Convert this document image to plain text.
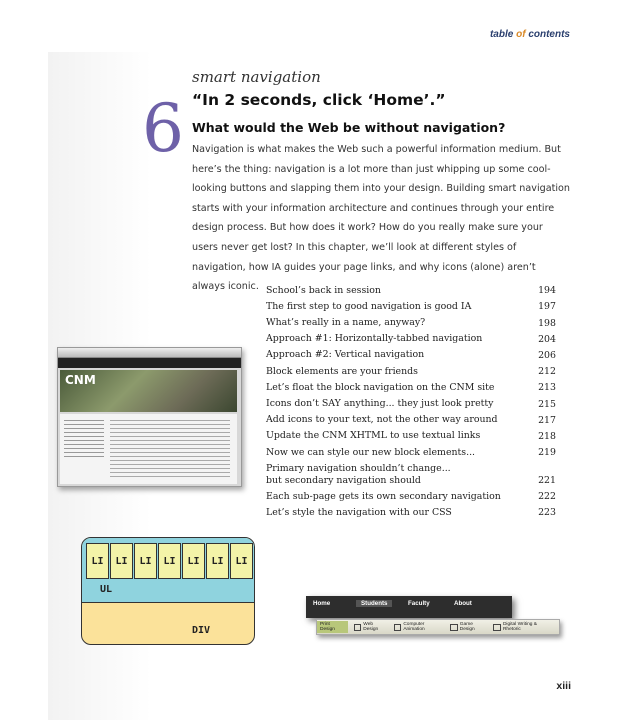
table of contents
6
smart navigation
“In 2 seconds, click ‘Home’.”
What would the Web be without navigation?
Navigation is what makes the Web such a powerful information medium. But here’s the thing: navigation is a lot more than just whipping up some cool-looking buttons and slapping them into your design. Building smart navigation starts with your information architecture and continues through your entire design process. But how does it work? How do you really make sure your users never get lost? In this chapter, we’ll look at different styles of navigation, how IA guides your page links, and why icons (alone) aren’t always iconic. School’s back in session	194
The first step to good navigation is good IA	197
What’s really in a name, anyway?	198
Approach #1: Horizontally-tabbed navigation	204
Approach #2: Vertical navigation	206
Block elements are your friends	212
Let’s float the block navigation on the CNM site	213
Icons don’t SAY anything... they just look pretty	215
Add icons to your text, not the other way around	217
Update the CNM XHTML to use textual links	218
Now we can style our new block elements...	219
Primary navigation shouldn’t change...
but secondary navigation should	221
Each sub-page gets its own secondary navigation	222
Let’s style the navigation with our CSS	223
CNM
LI	LI	LI	LI	LI	LI	LI
UL
DIV
Home	Students	Faculty	About
Print Design
Web Design
Computer Animation
Game Design
Digital Writing & Rhetoric
xiii
